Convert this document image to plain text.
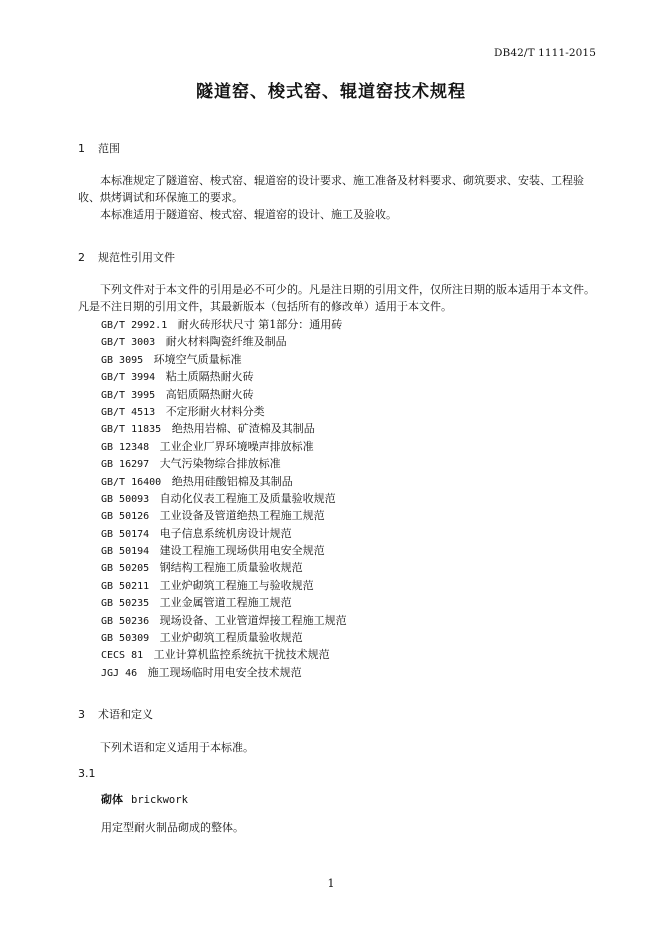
DB42/T 1111-2015
隧道窑、梭式窑、辊道窑技术规程
1 范围
本标准规定了隧道窑、梭式窑、辊道窑的设计要求、施工准备及材料要求、砌筑要求、安装、工程验收、烘烤调试和环保施工的要求。
本标准适用于隧道窑、梭式窑、辊道窑的设计、施工及验收。
2 规范性引用文件
下列文件对于本文件的引用是必不可少的。凡是注日期的引用文件，仅所注日期的版本适用于本文件。凡是不注日期的引用文件，其最新版本（包括所有的修改单）适用于本文件。
GB/T 2992.1 耐火砖形状尺寸 第1部分：通用砖
GB/T 3003 耐火材料陶瓷纤维及制品
GB 3095 环境空气质量标准
GB/T 3994 粘土质隔热耐火砖
GB/T 3995 高铝质隔热耐火砖
GB/T 4513 不定形耐火材料分类
GB/T 11835 绝热用岩棉、矿渣棉及其制品
GB 12348 工业企业厂界环境噪声排放标准
GB 16297 大气污染物综合排放标准
GB/T 16400 绝热用硅酸铝棉及其制品
GB 50093 自动化仪表工程施工及质量验收规范
GB 50126 工业设备及管道绝热工程施工规范
GB 50174 电子信息系统机房设计规范
GB 50194 建设工程施工现场供用电安全规范
GB 50205 钢结构工程施工质量验收规范
GB 50211 工业炉砌筑工程施工与验收规范
GB 50235 工业金属管道工程施工规范
GB 50236 现场设备、工业管道焊接工程施工规范
GB 50309 工业炉砌筑工程质量验收规范
CECS 81 工业计算机监控系统抗干扰技术规范
JGJ 46 施工现场临时用电安全技术规范
3 术语和定义
下列术语和定义适用于本标准。
3.1
砌体 brickwork
用定型耐火制品砌成的整体。
1
